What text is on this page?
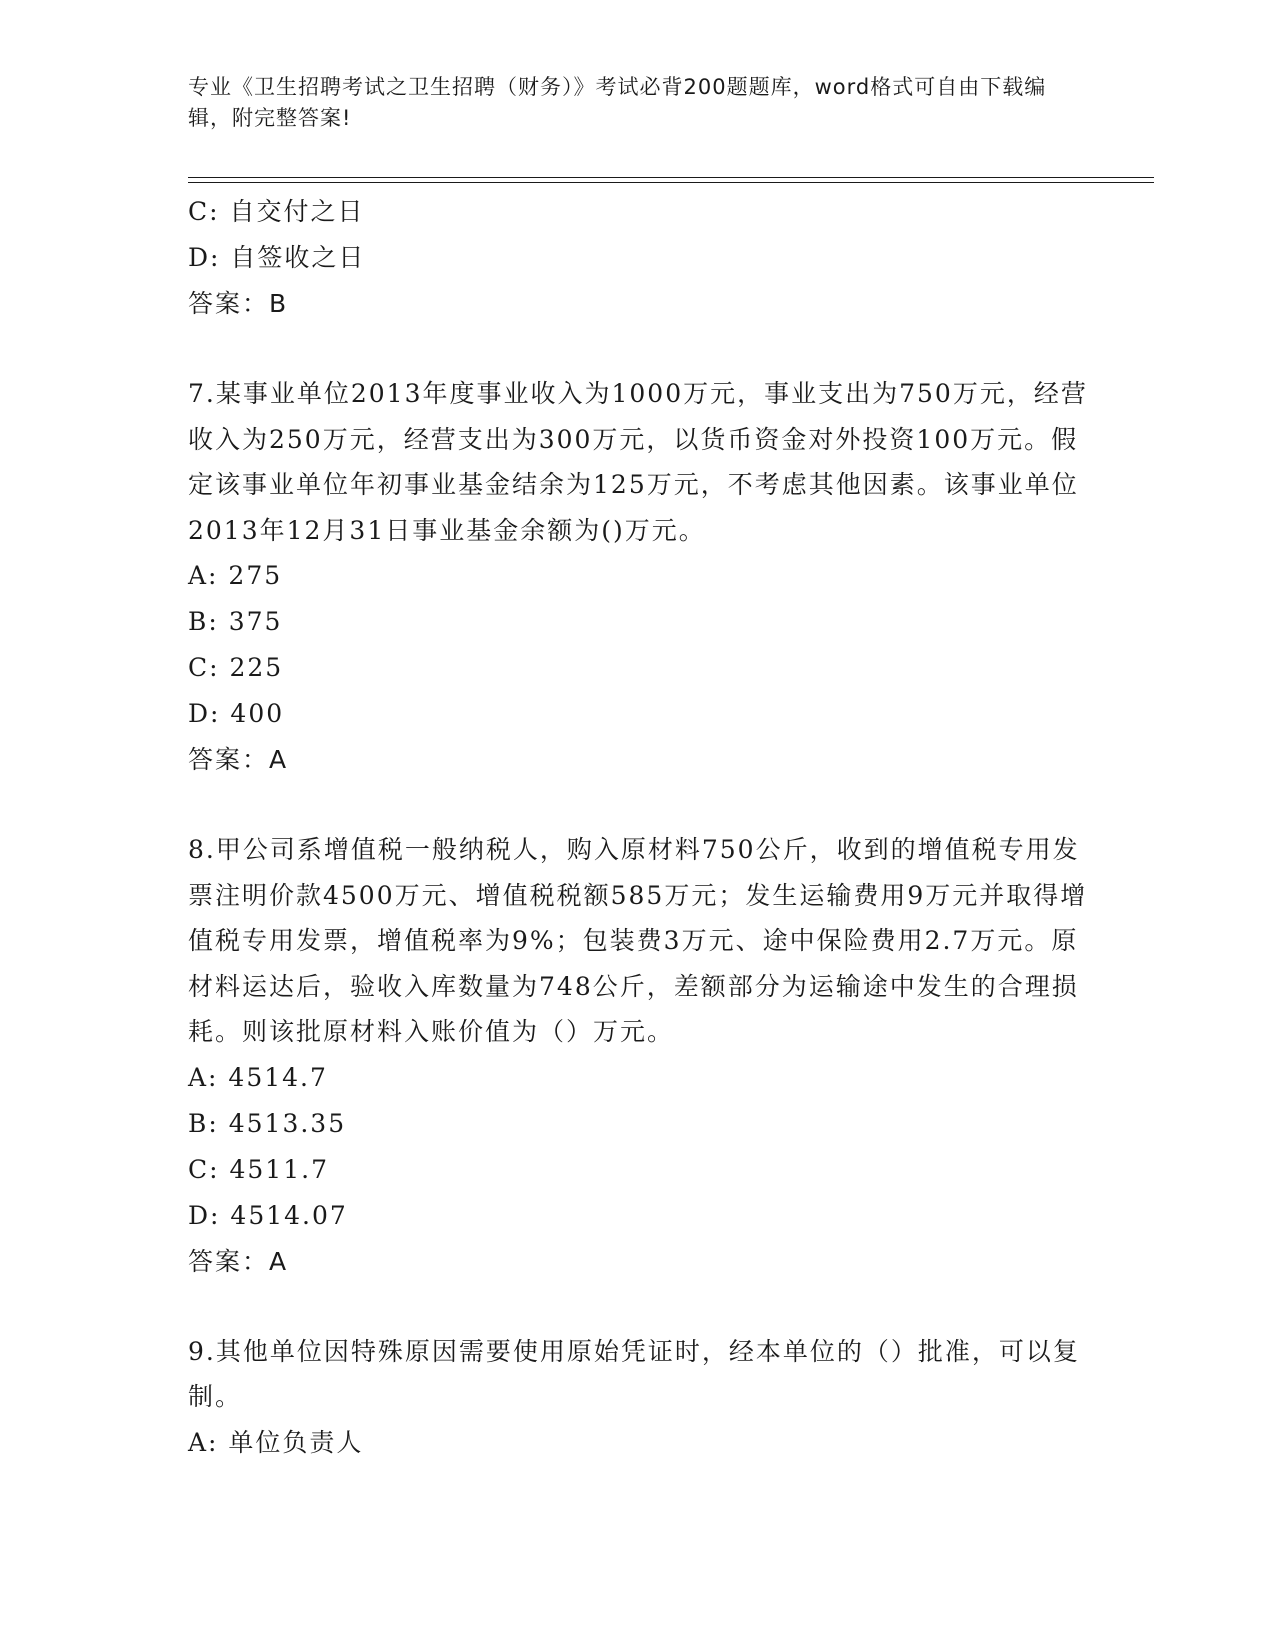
专业《卫生招聘考试之卫生招聘（财务）》考试必背200题题库，word格式可自由下载编辑，附完整答案!
C: 自交付之日
D: 自签收之日
答案：B
7.某事业单位2013年度事业收入为1000万元，事业支出为750万元，经营收入为250万元，经营支出为300万元，以货币资金对外投资100万元。假定该事业单位年初事业基金结余为125万元，不考虑其他因素。该事业单位2013年12月31日事业基金余额为()万元。
A: 275
B: 375
C: 225
D: 400
答案：A
8.甲公司系增值税一般纳税人，购入原材料750公斤，收到的增值税专用发票注明价款4500万元、增值税税额585万元；发生运输费用9万元并取得增值税专用发票，增值税率为9%；包装费3万元、途中保险费用2.7万元。原材料运达后，验收入库数量为748公斤，差额部分为运输途中发生的合理损耗。则该批原材料入账价值为（）万元。
A: 4514.7
B: 4513.35
C: 4511.7
D: 4514.07
答案：A
9.其他单位因特殊原因需要使用原始凭证时，经本单位的（）批准，可以复制。
A: 单位负责人
